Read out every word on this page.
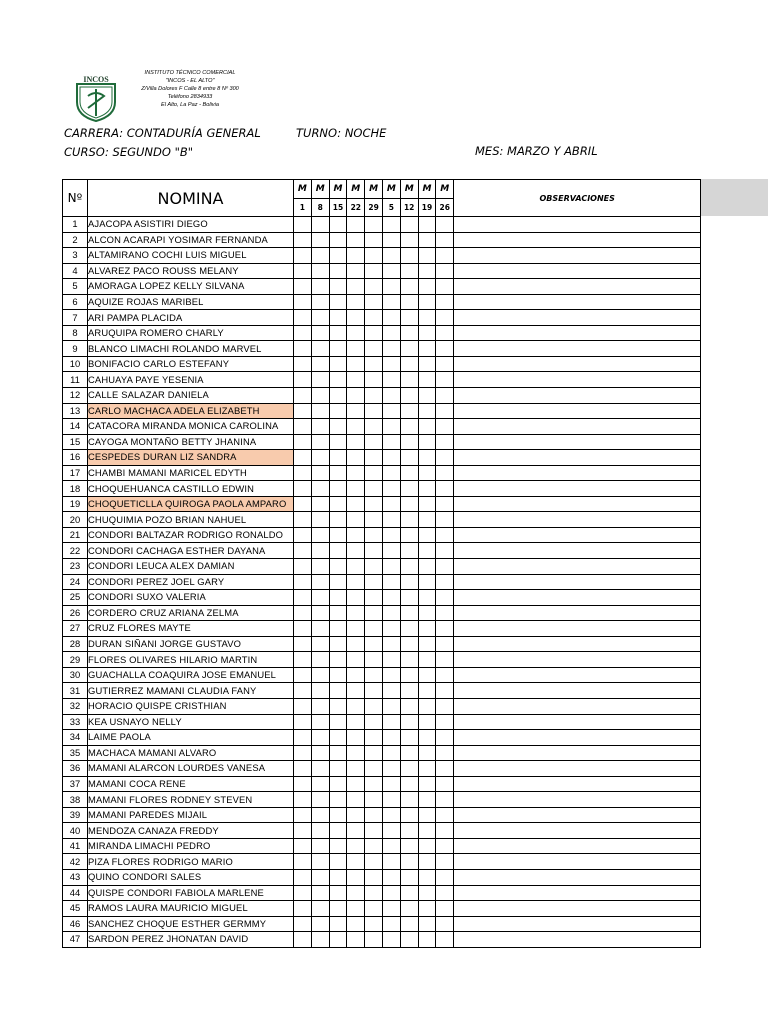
INCOS
INSTITUTO TÉCNICO COMERCIAL
"INCOS - EL ALTO"
Z/Villa Dolores F Calle 8 entre 8 Nº 300
Teléfono 2834933
El Alto, La Paz - Bolivia
CARRERA: CONTADURÍA GENERAL	TURNO: NOCHE
CURSO: SEGUNDO "B"	MES: MARZO Y ABRIL
Nº	NOMINA	M	M	M	M	M	M	M	M	M	OBSERVACIONES
		1	8	15	22	29	5	12	19	26	
1	AJACOPA ASISTIRI DIEGO										
2	ALCON ACARAPI YOSIMAR FERNANDA										
3	ALTAMIRANO COCHI LUIS MIGUEL										
4	ALVAREZ PACO ROUSS MELANY										
5	AMORAGA LOPEZ KELLY SILVANA										
6	AQUIZE ROJAS MARIBEL										
7	ARI PAMPA PLACIDA										
8	ARUQUIPA ROMERO CHARLY										
9	BLANCO LIMACHI ROLANDO MARVEL										
10	BONIFACIO CARLO ESTEFANY										
11	CAHUAYA PAYE YESENIA										
12	CALLE SALAZAR DANIELA										
13	CARLO MACHACA ADELA ELIZABETH										
14	CATACORA MIRANDA MONICA CAROLINA										
15	CAYOGA MONTAÑO BETTY JHANINA										
16	CESPEDES DURAN LIZ SANDRA										
17	CHAMBI MAMANI MARICEL EDYTH										
18	CHOQUEHUANCA CASTILLO EDWIN										
19	CHOQUETICLLA QUIROGA PAOLA AMPARO										
20	CHUQUIMIA POZO BRIAN NAHUEL										
21	CONDORI BALTAZAR RODRIGO RONALDO										
22	CONDORI CACHAGA ESTHER DAYANA										
23	CONDORI LEUCA ALEX DAMIAN										
24	CONDORI PEREZ JOEL GARY										
25	CONDORI SUXO VALERIA										
26	CORDERO CRUZ ARIANA ZELMA										
27	CRUZ FLORES MAYTE										
28	DURAN SIÑANI JORGE GUSTAVO										
29	FLORES OLIVARES HILARIO MARTIN										
30	GUACHALLA COAQUIRA JOSE EMANUEL										
31	GUTIERREZ MAMANI CLAUDIA FANY										
32	HORACIO QUISPE CRISTHIAN										
33	KEA USNAYO NELLY										
34	LAIME PAOLA										
35	MACHACA MAMANI ALVARO										
36	MAMANI ALARCON LOURDES VANESA										
37	MAMANI COCA RENE										
38	MAMANI FLORES RODNEY STEVEN										
39	MAMANI PAREDES MIJAIL										
40	MENDOZA CANAZA FREDDY										
41	MIRANDA LIMACHI PEDRO										
42	PIZA FLORES RODRIGO MARIO										
43	QUINO CONDORI SALES										
44	QUISPE CONDORI FABIOLA MARLENE										
45	RAMOS LAURA MAURICIO MIGUEL										
46	SANCHEZ CHOQUE ESTHER GERMMY										
47	SARDON PEREZ JHONATAN DAVID										
